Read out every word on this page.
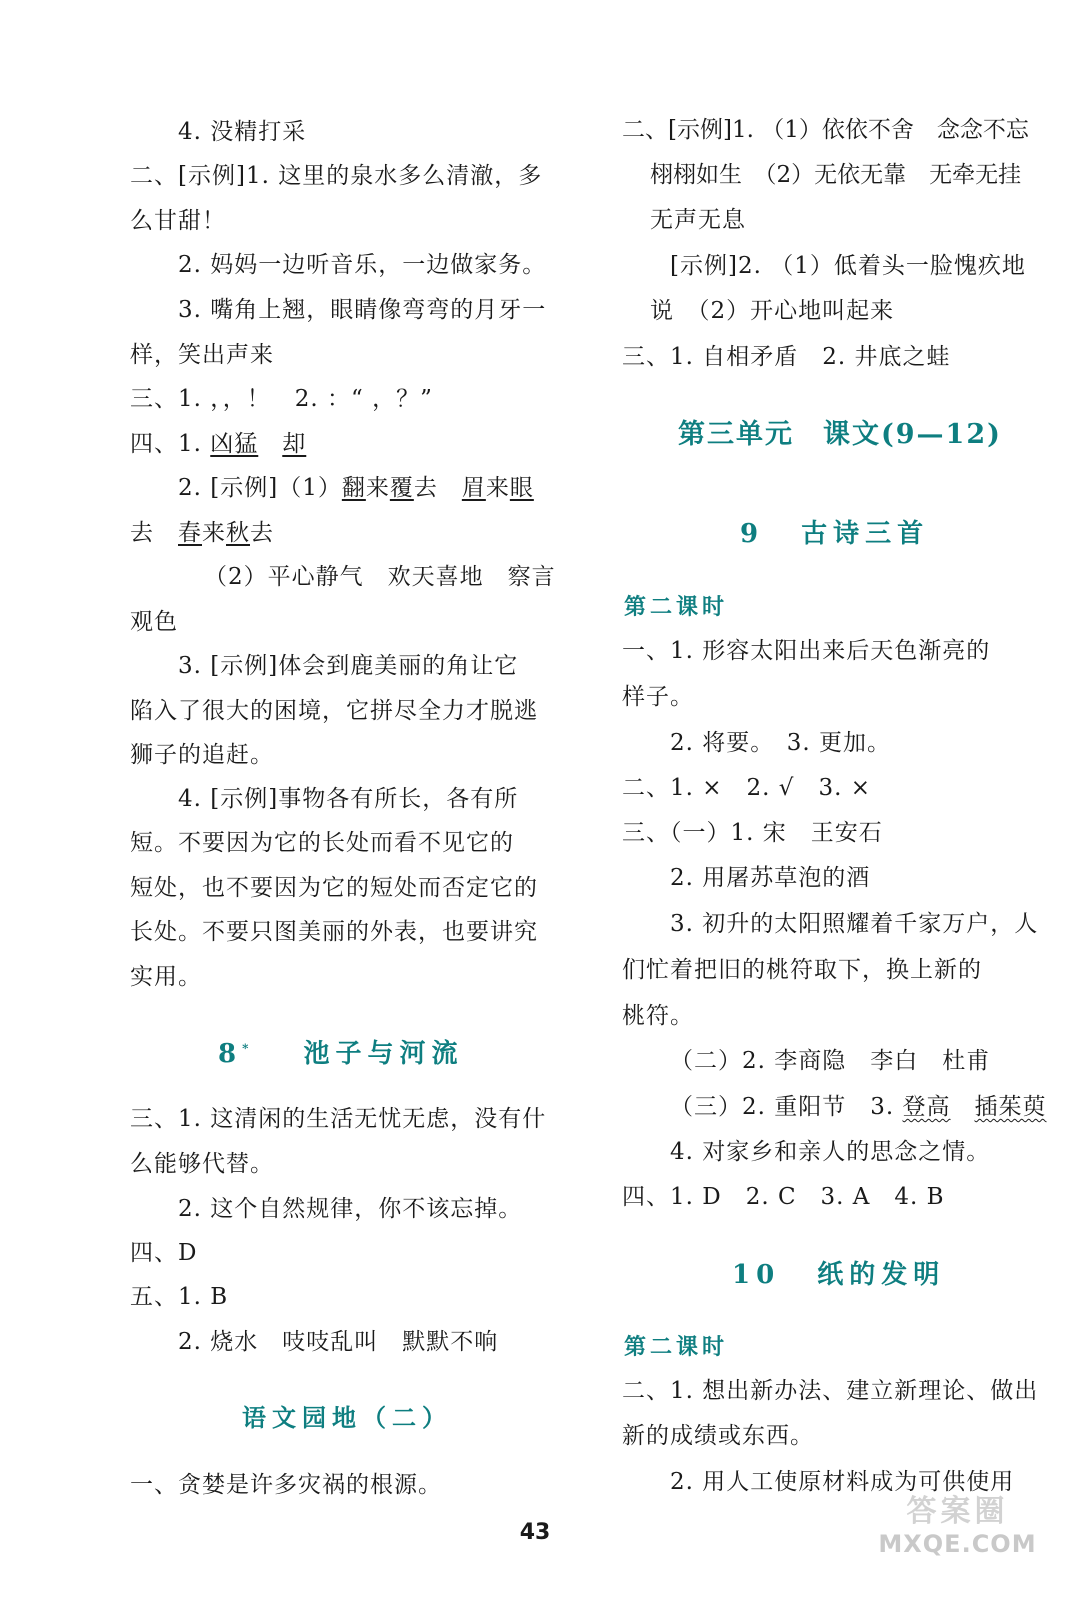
4. 没精打采
二、[示例]1. 这里的泉水多么清澈，多
么甘甜！
2. 妈妈一边听音乐，一边做家务。
3. 嘴角上翘，眼睛像弯弯的月牙一
样，笑出声来
三、1. ，，！　2. ：“ ，？”
四、1. 凶猛　 却
2. [示例]（1）翻来覆去　眉来眼
去　春来秋去
（2）平心静气　欢天喜地　察言
观色
3. [示例]体会到鹿美丽的角让它
陷入了很大的困境，它拼尽全力才脱逃
狮子的追赶。
4. [示例]事物各有所长，各有所
短。不要因为它的长处而看不见它的
短处，也不要因为它的短处而否定它的
长处。不要只图美丽的外表，也要讲究
实用。
8* 池子与河流
三、1. 这清闲的生活无忧无虑，没有什
么能够代替。
2. 这个自然规律，你不该忘掉。
四、D
五、1. B
2. 烧水　吱吱乱叫　默默不响
语文园地（二）
一、贪婪是许多灾祸的根源。
二、[示例]1. （1）依依不舍　念念不忘
栩栩如生　（2）无依无靠　无牵无挂
无声无息
[示例]2. （1）低着头一脸愧疚地
说　（2）开心地叫起来
三、1. 自相矛盾　2. 井底之蛙
第三单元　课文(9—12)
9 古诗三首
第二课时
一、1. 形容太阳出来后天色渐亮的
样子。
2. 将要。　3. 更加。
二、1. ×　2. √　3. ×
三、（一）1. 宋　王安石
2. 用屠苏草泡的酒
3. 初升的太阳照耀着千家万户，人
们忙着把旧的桃符取下，换上新的
桃符。
（二）2. 李商隐　李白　杜甫
（三）2. 重阳节　3. 登高　 插茱萸
4. 对家乡和亲人的思念之情。
四、1. D　2. C　3. A　4. B
10 纸的发明
第二课时
二、1. 想出新办法、建立新理论、做出
新的成绩或东西。
2. 用人工使原材料成为可供使用
43
答案圈
MXQE.COM
